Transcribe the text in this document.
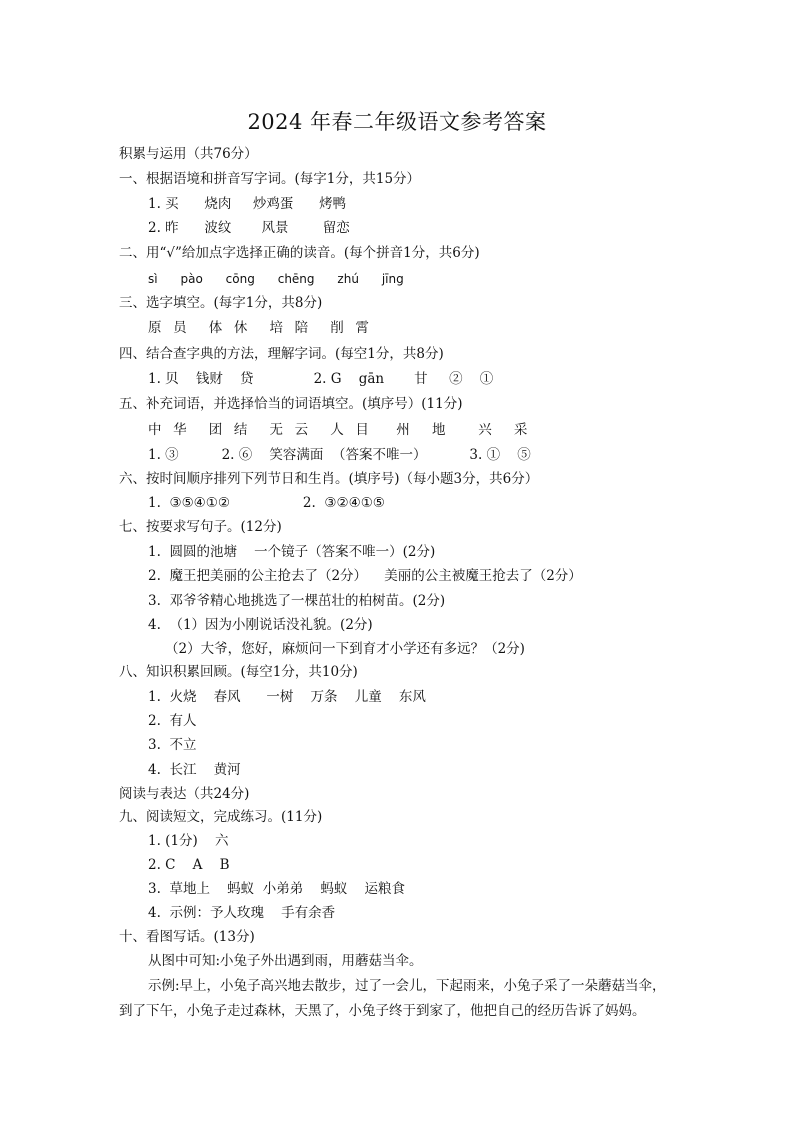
2024 年春二年级语文参考答案
积累与运用（共76分）
一、根据语境和拼音写字词。(每字1分，共15分）
1. 买      烧肉     炒鸡蛋      烤鸭
2. 昨      波纹       风景        留恋
二、用“√”给加点字选择正确的读音。(每个拼音1分，共6分)
sì      pào      cōng      chēng      zhú      jīng
三、选字填空。(每字1分，共8分)
原  员    体  休    培  陪    削  霄
四、结合查字典的方法，理解字词。(每空1分，共8分)
1. 贝    钱财    贷              2. G    gān       甘     ②    ①
五、补充词语，并选择恰当的词语填空。(填序号）(11分)
中  华    团  结    无  云    人  目     州    地      兴    采
1. ③          2. ⑥    笑容满面  （答案不唯一）          3. ①    ⑤
六、按时间顺序排列下列节日和生肖。(填序号)（每小题3分，共6分）
1.  ③⑤④①②                 2.  ③②④①⑤
七、按要求写句子。(12分)
1.  圆圆的池塘    一个镜子（答案不唯一）(2分)
2.  魔王把美丽的公主抢去了（2分）    美丽的公主被魔王抢去了（2分）
3.  邓爷爷精心地挑选了一棵茁壮的柏树苗。(2分)
4.  （1）因为小刚说话没礼貌。(2分)
（2）大爷，您好，麻烦问一下到育才小学还有多远？（2分)
八、知识积累回顾。(每空1分，共10分)
1.  火烧    春风      一树    万条    儿童    东风
2.  有人
3.  不立
4.  长江    黄河
阅读与表达（共24分)
九、阅读短文，完成练习。(11分)
1. (1分)    六
2. C    A    B
3.  草地上    蚂蚁  小弟弟    蚂蚁    运粮食
4.  示例：予人玫瑰    手有余香
十、看图写话。(13分)
从图中可知:小兔子外出遇到雨，用蘑菇当伞。
示例:早上，小兔子高兴地去散步，过了一会儿，下起雨来，小兔子采了一朵蘑菇当伞，
到了下午，小兔子走过森林，天黑了，小兔子终于到家了，他把自己的经历告诉了妈妈。
